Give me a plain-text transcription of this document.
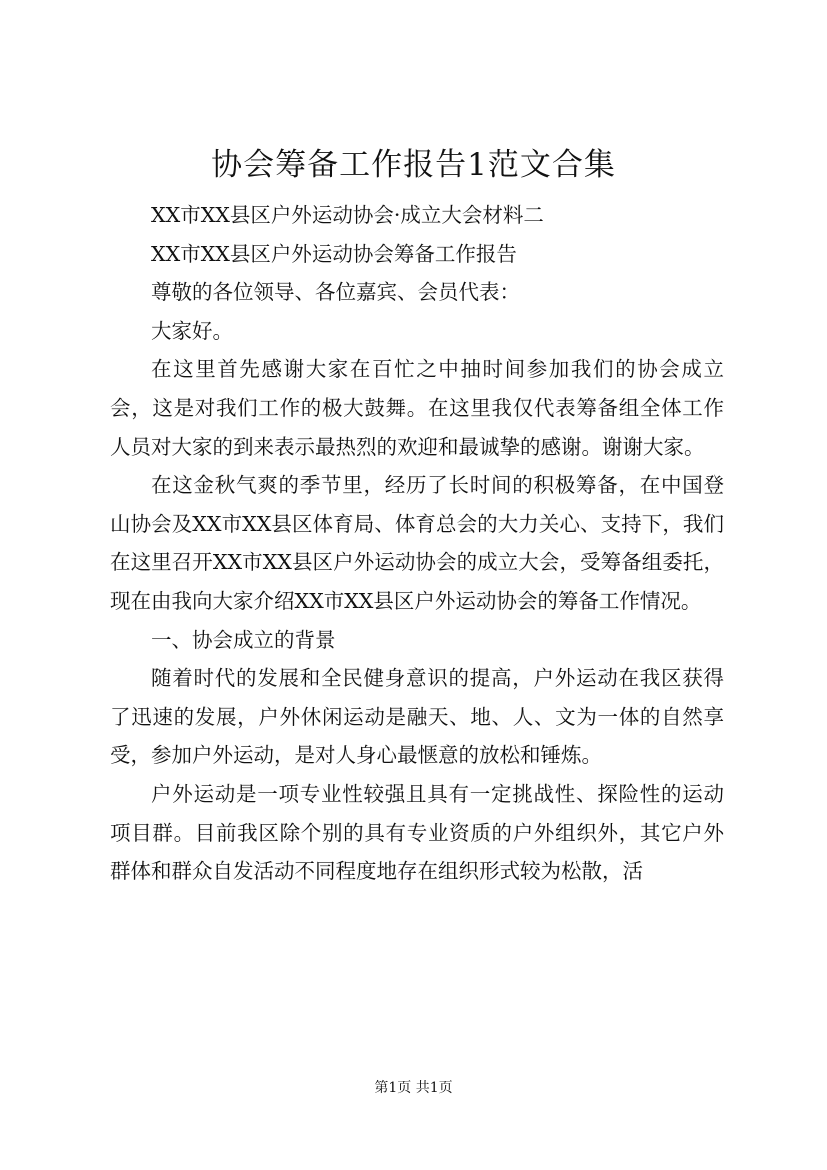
协会筹备工作报告1范文合集

XX市XX县区户外运动协会·成立大会材料二

XX市XX县区户外运动协会筹备工作报告

尊敬的各位领导、各位嘉宾、会员代表：

大家好。

在这里首先感谢大家在百忙之中抽时间参加我们的协会成立会，这是对我们工作的极大鼓舞。在这里我仅代表筹备组全体工作人员对大家的到来表示最热烈的欢迎和最诚挚的感谢。谢谢大家。

在这金秋气爽的季节里，经历了长时间的积极筹备，在中国登山协会及XX市XX县区体育局、体育总会的大力关心、支持下，我们在这里召开XX市XX县区户外运动协会的成立大会，受筹备组委托，现在由我向大家介绍XX市XX县区户外运动协会的筹备工作情况。

一、协会成立的背景

随着时代的发展和全民健身意识的提高，户外运动在我区获得了迅速的发展，户外休闲运动是融天、地、人、文为一体的自然享受，参加户外运动，是对人身心最惬意的放松和锤炼。

户外运动是一项专业性较强且具有一定挑战性、探险性的运动项目群。目前我区除个别的具有专业资质的户外组织外，其它户外群体和群众自发活动不同程度地存在组织形式较为松散，活

第1页 共1页
